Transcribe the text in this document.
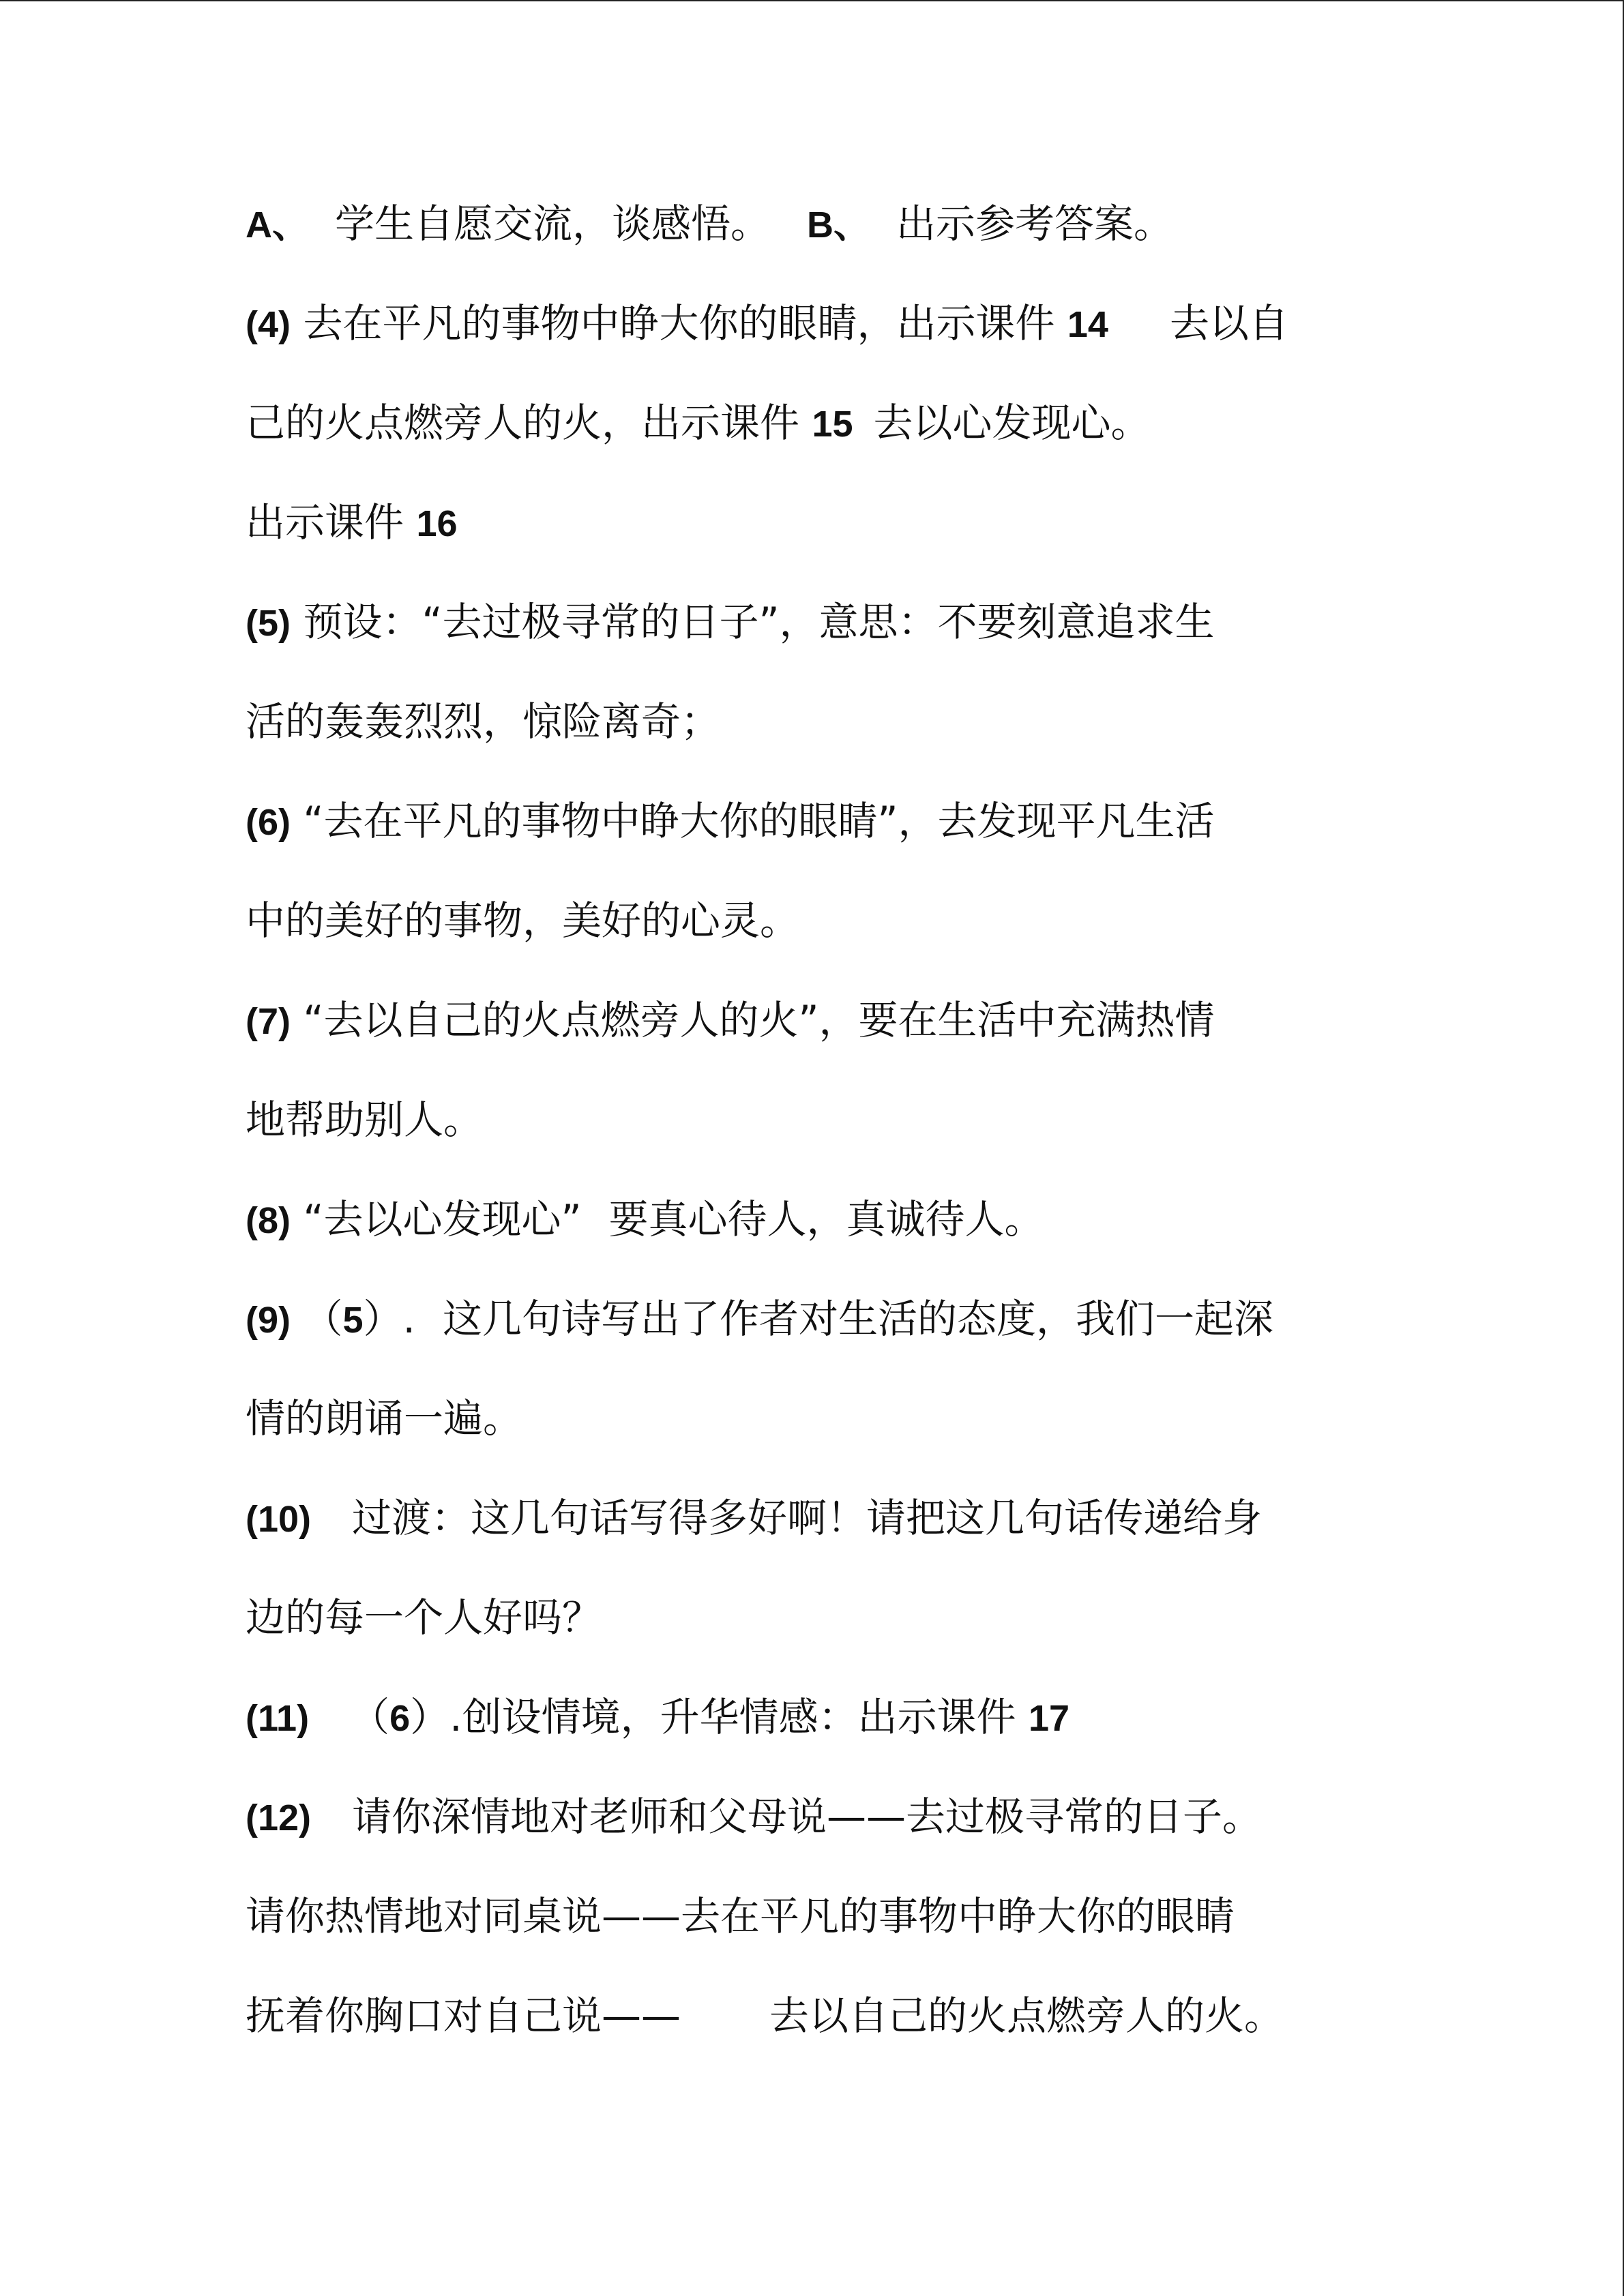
A、 学生自愿交流，谈感悟。 B、 出示参考答案。
(4) 去在平凡的事物中睁大你的眼睛，出示课件 14 去以自
己的火点燃旁人的火，出示课件 15 去以心发现心。
出示课件 16
(5) 预设：“去过极寻常的日子”，意思：不要刻意追求生
活的轰轰烈烈，惊险离奇；
(6) “去在平凡的事物中睁大你的眼睛”，去发现平凡生活
中的美好的事物，美好的心灵。
(7) “去以自己的火点燃旁人的火”，要在生活中充满热情
地帮助别人。
(8) “去以心发现心” 要真心待人，真诚待人。
(9) （5）. 这几句诗写出了作者对生活的态度，我们一起深
情的朗诵一遍。
(10) 过渡：这几句话写得多好啊！请把这几句话传递给身
边的每一个人好吗？
(11) （6）.创设情境，升华情感：出示课件 17
(12) 请你深情地对老师和父母说——去过极寻常的日子。
请你热情地对同桌说——去在平凡的事物中睁大你的眼睛
抚着你胸口对自己说—— 去以自己的火点燃旁人的火。
